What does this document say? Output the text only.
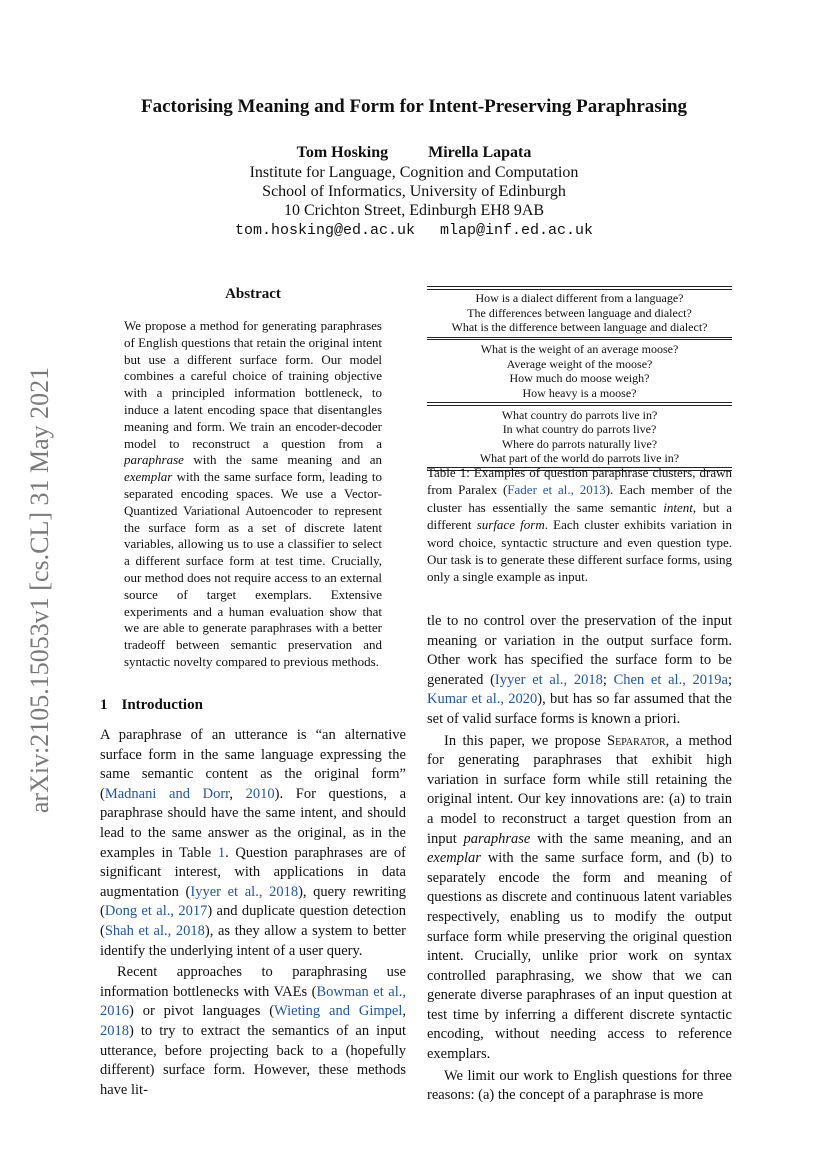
Factorising Meaning and Form for Intent-Preserving Paraphrasing
Tom Hosking	Mirella Lapata
Institute for Language, Cognition and Computation
School of Informatics, University of Edinburgh
10 Crichton Street, Edinburgh EH8 9AB
tom.hosking@ed.ac.uk mlap@inf.ed.ac.uk
arXiv:2105.15053v1 [cs.CL] 31 May 2021
Abstract
We propose a method for generating paraphrases of English questions that retain the original intent but use a different surface form. Our model combines a careful choice of training objective with a principled information bottleneck, to induce a latent encoding space that disentangles meaning and form. We train an encoder-decoder model to reconstruct a question from a paraphrase with the same meaning and an exemplar with the same surface form, leading to separated encoding spaces. We use a Vector-Quantized Variational Autoencoder to represent the surface form as a set of discrete latent variables, allowing us to use a classifier to select a different surface form at test time. Crucially, our method does not require access to an external source of target exemplars. Extensive experiments and a human evaluation show that we are able to generate paraphrases with a better tradeoff between semantic preservation and syntactic novelty compared to previous methods.
1 Introduction

A paraphrase of an utterance is “an alternative surface form in the same language expressing the same semantic content as the original form” (Madnani and Dorr, 2010). For questions, a paraphrase should have the same intent, and should lead to the same answer as the original, as in the examples in Table 1. Question paraphrases are of significant interest, with applications in data augmentation (Iyyer et al., 2018), query rewriting (Dong et al., 2017) and duplicate question detection (Shah et al., 2018), as they allow a system to better identify the underlying intent of a user query.

Recent approaches to paraphrasing use information bottlenecks with VAEs (Bowman et al., 2016) or pivot languages (Wieting and Gimpel, 2018) to try to extract the semantics of an input utterance, before projecting back to a (hopefully different) surface form. However, these methods have lit-

How is a dialect different from a language?
The differences between language and dialect?
What is the difference between language and dialect?
What is the weight of an average moose?
Average weight of the moose?
How much do moose weigh?
How heavy is a moose?
What country do parrots live in?
In what country do parrots live?
Where do parrots naturally live?
What part of the world do parrots live in?
Table 1: Examples of question paraphrase clusters, drawn from Paralex (Fader et al., 2013). Each member of the cluster has essentially the same semantic intent, but a different surface form. Each cluster exhibits variation in word choice, syntactic structure and even question type. Our task is to generate these different surface forms, using only a single example as input.

tle to no control over the preservation of the input meaning or variation in the output surface form. Other work has specified the surface form to be generated (Iyyer et al., 2018; Chen et al., 2019a; Kumar et al., 2020), but has so far assumed that the set of valid surface forms is known a priori.

In this paper, we propose Separator, a method for generating paraphrases that exhibit high variation in surface form while still retaining the original intent. Our key innovations are: (a) to train a model to reconstruct a target question from an input paraphrase with the same meaning, and an exemplar with the same surface form, and (b) to separately encode the form and meaning of questions as discrete and continuous latent variables respectively, enabling us to modify the output surface form while preserving the original question intent. Crucially, unlike prior work on syntax controlled paraphrasing, we show that we can generate diverse paraphrases of an input question at test time by inferring a different discrete syntactic encoding, without needing access to reference exemplars.

We limit our work to English questions for three reasons: (a) the concept of a paraphrase is more
